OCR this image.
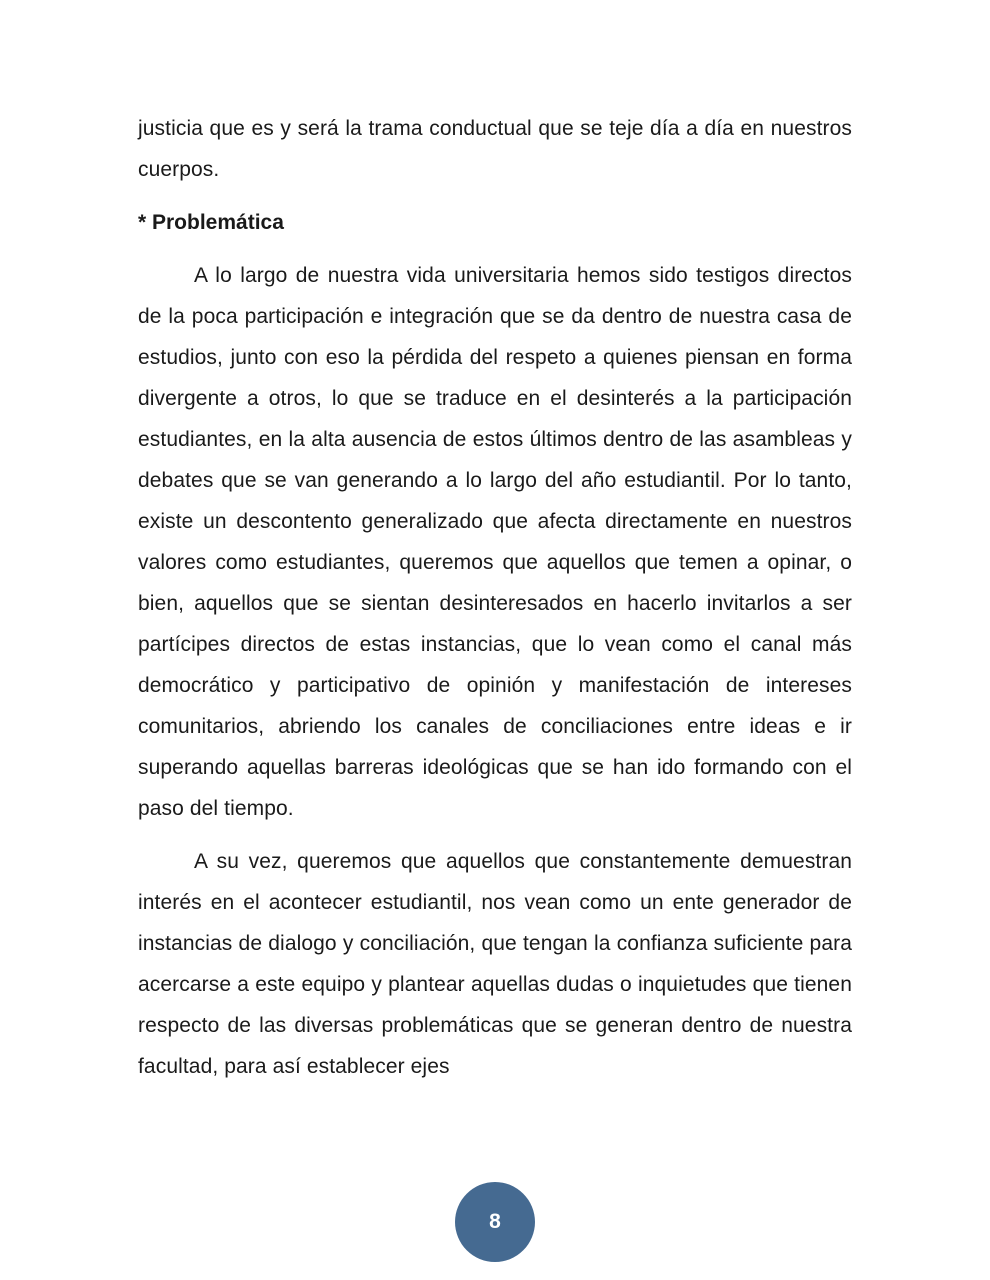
justicia que es y será la trama conductual que se teje día a día en nuestros cuerpos.

* Problemática

A lo largo de nuestra vida universitaria hemos sido testigos directos de la poca participación e integración que se da dentro de nuestra casa de estudios, junto con eso la pérdida del respeto a quienes piensan en forma divergente a otros, lo que se traduce en el desinterés a la participación estudiantes, en la alta ausencia de estos últimos dentro de las asambleas y debates que se van generando a lo largo del año estudiantil. Por lo tanto, existe un descontento generalizado que afecta directamente en nuestros valores como estudiantes, queremos que aquellos que temen a opinar, o bien, aquellos que se sientan desinteresados en hacerlo invitarlos a ser partícipes directos de estas instancias, que lo vean como el canal más democrático y participativo de opinión y manifestación de intereses comunitarios, abriendo los canales de conciliaciones entre ideas e ir superando aquellas barreras ideológicas que se han ido formando con el paso del tiempo.

A su vez, queremos que aquellos que constantemente demuestran interés en el acontecer estudiantil, nos vean como un ente generador de instancias de dialogo y conciliación, que tengan la confianza suficiente para acercarse a este equipo y plantear aquellas dudas o inquietudes que tienen respecto de las diversas problemáticas que se generan dentro de nuestra facultad, para así establecer ejes

8
